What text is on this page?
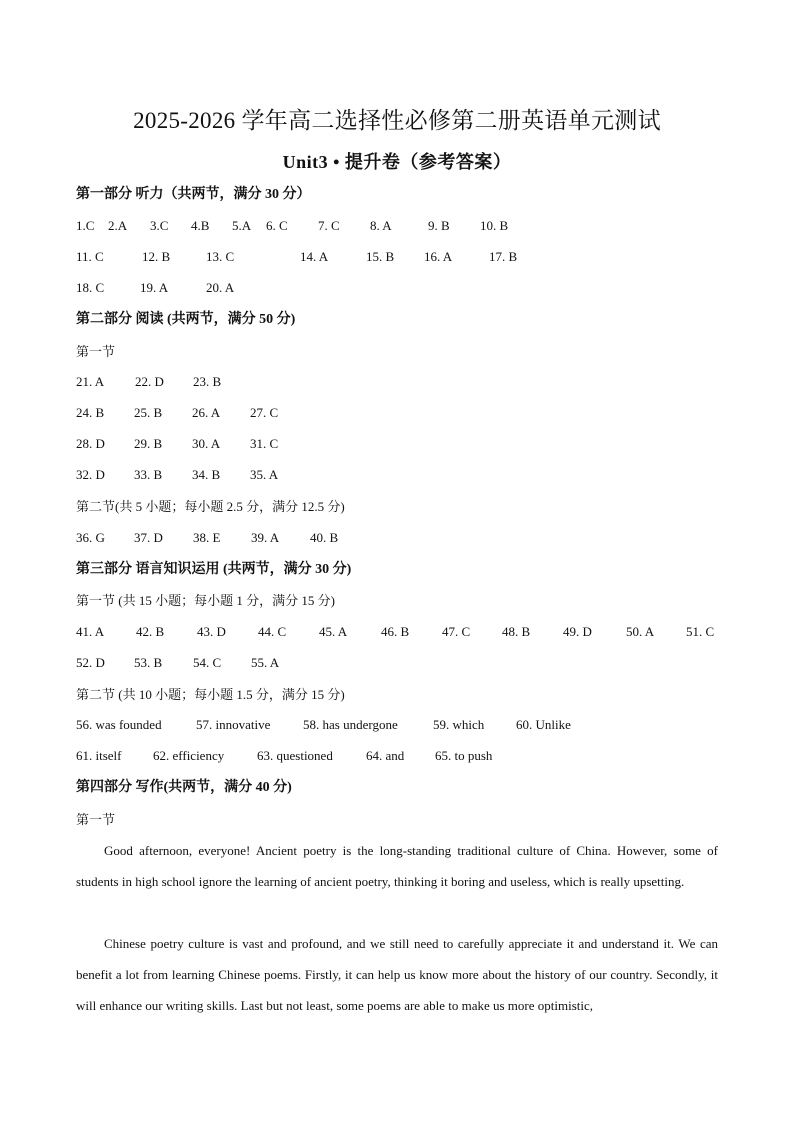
2025-2026 学年高二选择性必修第二册英语单元测试
Unit3 • 提升卷（参考答案）
第一部分 听力（共两节，满分 30 分）
1.C 2.A 3.C 4.B 5.A 6. C 7. C 8. A	9. B 10. B
11. C	12. B	13. C	14. A	15. B 16. A	17. B
18. C	19. A	20. A
第二部分 阅读 (共两节，满分 50 分)
第一节
21. A 22. D 23. B
24. B 25. B 26. A 27. C
28. D 29. B 30. A 31. C
32. D 33. B 34. B 35. A
第二节(共 5 小题；每小题 2.5 分，满分 12.5 分)
36. G 37. D 38. E 39. A 40. B
第三部分 语言知识运用 (共两节，满分 30 分)
第一节 (共 15 小题；每小题 1 分，满分 15 分)
41. A 42. B	43. D 44. C	45. A	46. B	47. C 48. B	49. D	50. A 51. C
52. D 53. B 54. C 55. A
第二节 (共 10 小题；每小题 1.5 分，满分 15 分)
56. was founded	57. innovative	58. has undergone	59. which 60. Unlike
61. itself 62. efficiency	63. questioned	64. and 65. to push
第四部分 写作(共两节，满分 40 分)
第一节
Good afternoon, everyone! Ancient poetry is the long-standing traditional culture of China. However, some of students in high school ignore the learning of ancient poetry, thinking it boring and useless, which is really upsetting.
Chinese poetry culture is vast and profound, and we still need to carefully appreciate it and understand it. We can benefit a lot from learning Chinese poems. Firstly, it can help us know more about the history of our country. Secondly, it will enhance our writing skills. Last but not least, some poems are able to make us more optimistic,
